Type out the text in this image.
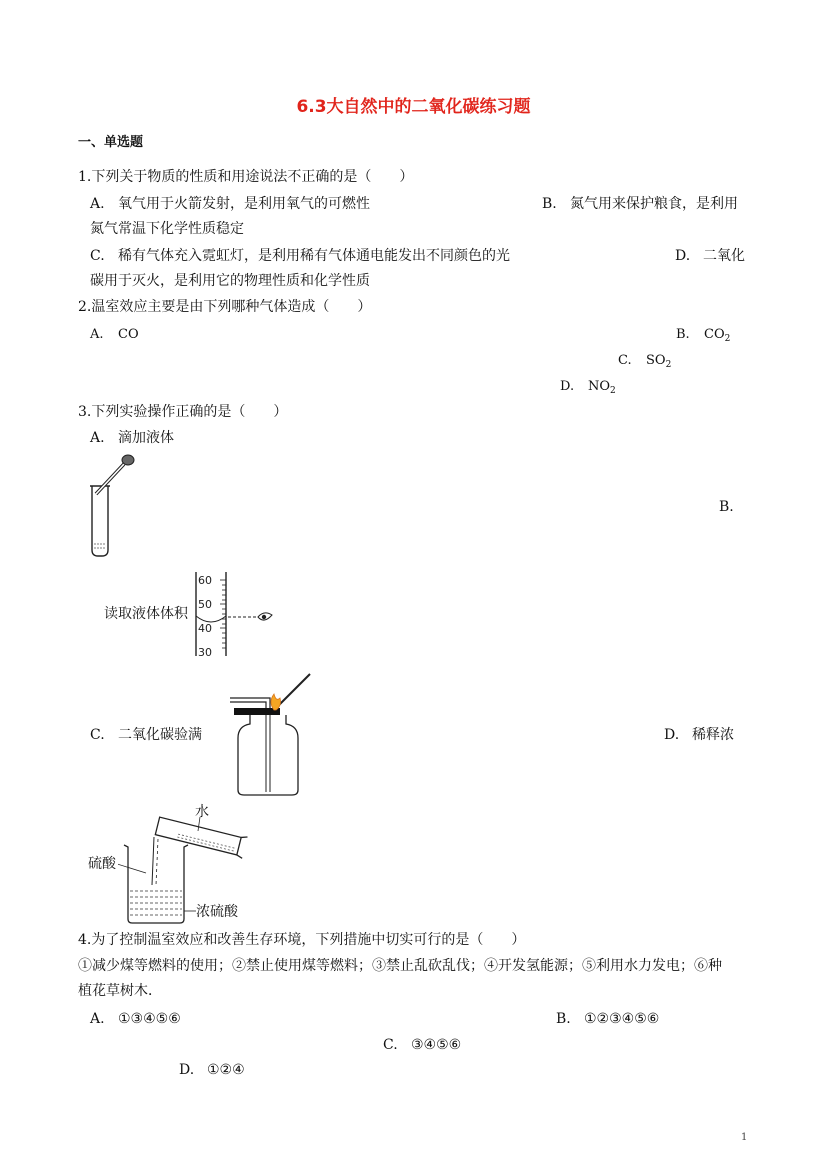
6.3大自然中的二氧化碳练习题
一、单选题
1.下列关于物质的性质和用途说法不正确的是（　　）
A. 氧气用于火箭发射，是利用氧气的可燃性	B. 氮气用来保护粮食，是利用
氮气常温下化学性质稳定
C. 稀有气体充入霓虹灯，是利用稀有气体通电能发出不同颜色的光	D. 二氧化
碳用于灭火，是利用它的物理性质和化学性质
2.温室效应主要是由下列哪种气体造成（　　）
A. CO	B. $CO_2$
C. $SO_2$
D. $NO_2$
3.下列实验操作正确的是（　　）
A. 滴加液体
B.
读取液体体积
60
50
40
30
C. 二氧化碳验满	D. 稀释浓
硫酸
浓硫酸
水
4.为了控制温室效应和改善生存环境，下列措施中切实可行的是（　　）
①减少煤等燃料的使用；②禁止使用煤等燃料；③禁止乱砍乱伐；④开发氢能源；⑤利用水力发电；⑥种
植花草树木．
A. ①③④⑤⑥	B. ①②③④⑤⑥
C. ③④⑤⑥
D. ①②④
1
